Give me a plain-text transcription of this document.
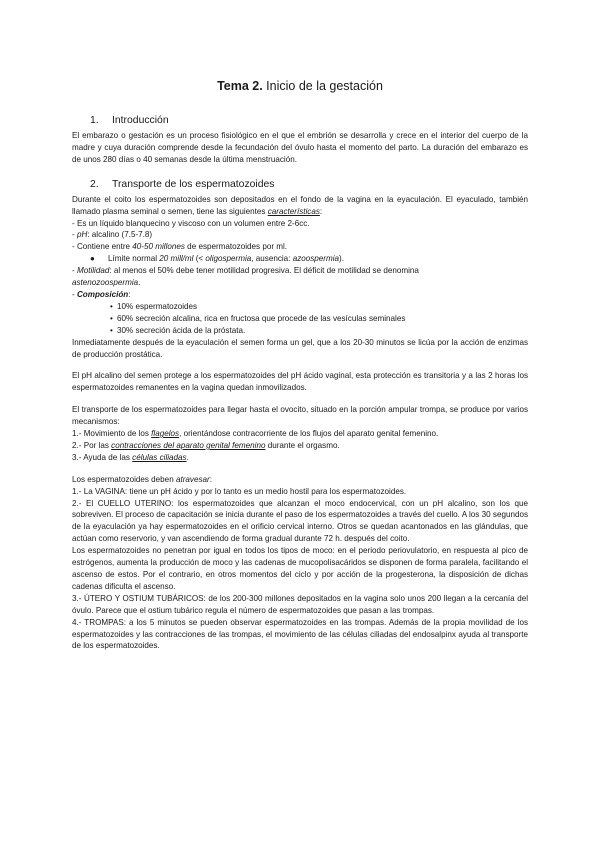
Tema 2. Inicio de la gestación
1. Introducción

El embarazo o gestación es un proceso fisiológico en el que el embrión se desarrolla y crece en el interior del cuerpo de la madre y cuya duración comprende desde la fecundación del óvulo hasta el momento del parto. La duración del embarazo es de unos 280 días o 40 semanas desde la última menstruación.

2. Transporte de los espermatozoides

Durante el coito los espermatozoides son depositados en el fondo de la vagina en la eyaculación. El eyaculado, también llamado plasma seminal o semen, tiene las siguientes características:

- Es un líquido blanquecino y viscoso con un volumen entre 2-6cc.

- pH: alcalino (7.5-7.8)

- Contiene entre 40-50 millones de espermatozoides por ml.

● Límite normal 20 mill/ml (< oligospermia, ausencia: azoospermia).

- Motilidad: al menos el 50% debe tener motilidad progresiva. El déficit de motilidad se denomina
astenozoospermia.

- Composición:

• 10% espermatozoides

• 60% secreción alcalina, rica en fructosa que procede de las vesículas seminales

• 30% secreción ácida de la próstata.

Inmediatamente después de la eyaculación el semen forma un gel, que a los 20-30 minutos se licúa por la acción de enzimas de producción prostática.

El pH alcalino del semen protege a los espermatozoides del pH ácido vaginal, esta protección es transitoria y a las 2 horas los espermatozoides remanentes en la vagina quedan inmovilizados.

El transporte de los espermatozoides para llegar hasta el ovocito, situado en la porción ampular trompa, se produce por varios mecanismos:

1.- Movimiento de los flagelos, orientándose contracorriente de los flujos del aparato genital femenino.

2.- Por las contracciones del aparato genital femenino durante el orgasmo.

3.- Ayuda de las células ciliadas.

Los espermatozoides deben atravesar:

1.- La VAGINA: tiene un pH ácido y por lo tanto es un medio hostil para los espermatozoides.

2.- El CUELLO UTERINO: los espermatozoides que alcanzan el moco endocervical, con un pH alcalino, son los que sobreviven. El proceso de capacitación se inicia durante el paso de los espermatozoides a través del cuello. A los 30 segundos de la eyaculación ya hay espermatozoides en el orificio cervical interno. Otros se quedan acantonados en las glándulas, que actúan como reservorio, y van ascendiendo de forma gradual durante 72 h. después del coito.

Los espermatozoides no penetran por igual en todos los tipos de moco: en el periodo periovulatorio, en respuesta al pico de estrógenos, aumenta la producción de moco y las cadenas de mucopolisacáridos se disponen de forma paralela, facilitando el ascenso de estos. Por el contrario, en otros momentos del ciclo y por acción de la progesterona, la disposición de dichas cadenas dificulta el ascenso.

3.- ÚTERO Y OSTIUM TUBÁRICOS: de los 200-300 millones depositados en la vagina solo unos 200 llegan a la cercanía del óvulo. Parece que el ostium tubárico regula el número de espermatozoides que pasan a las trompas.

4.- TROMPAS: a los 5 minutos se pueden observar espermatozoides en las trompas. Además de la propia movilidad de los espermatozoides y las contracciones de las trompas, el movimiento de las células ciliadas del endosalpinx ayuda al transporte de los espermatozoides.
